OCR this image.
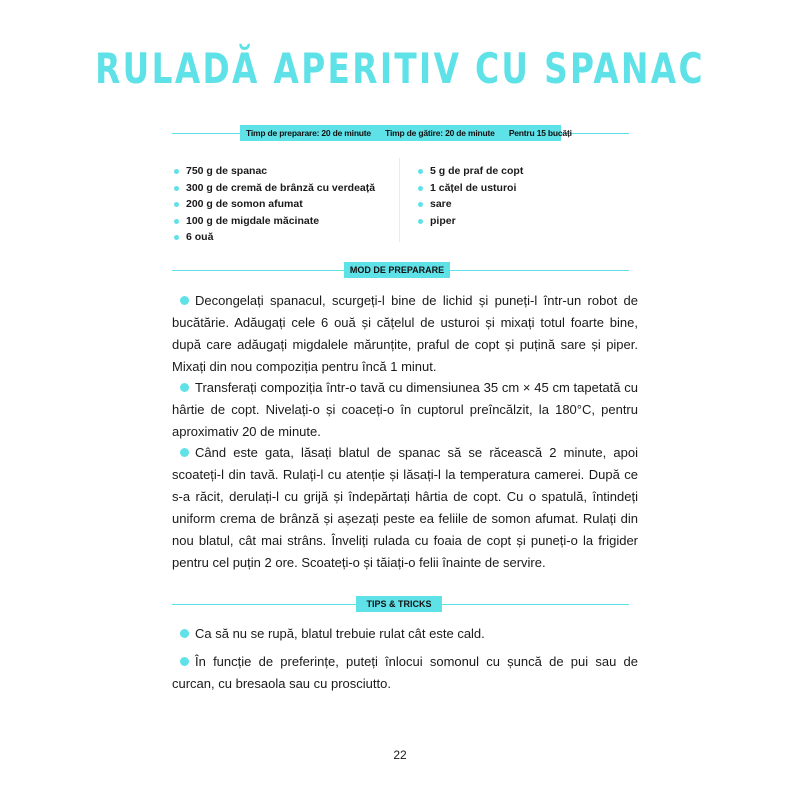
RULADĂ APERITIV CU SPANAC
Timp de preparare: 20 de minute Timp de gătire: 20 de minute Pentru 15 bucăți
750 g de spanac
300 g de cremă de brânză cu verdeață
200 g de somon afumat
100 g de migdale măcinate
6 ouă
5 g de praf de copt
1 cățel de usturoi
sare
piper
MOD DE PREPARARE
Decongelați spanacul, scurgeți-l bine de lichid și puneți-l într-un robot de bucătărie. Adăugați cele 6 ouă și cățelul de usturoi și mixați totul foarte bine, după care adăugați migdalele mărunțite, praful de copt și puțină sare și piper. Mixați din nou compoziția pentru încă 1 minut.
Transferați compoziția într-o tavă cu dimensiunea 35 cm × 45 cm tapetată cu hârtie de copt. Nivelați-o și coaceți-o în cuptorul preîncălzit, la 180°C, pentru aproximativ 20 de minute.
Când este gata, lăsați blatul de spanac să se răcească 2 minute, apoi scoateți-l din tavă. Rulați-l cu atenție și lăsați-l la temperatura camerei. După ce s-a răcit, derulați-l cu grijă și îndepărtați hârtia de copt. Cu o spatulă, întindeți uniform crema de brânză și așezați peste ea feliile de somon afumat. Rulați din nou blatul, cât mai strâns. Înveliți rulada cu foaia de copt și puneți-o la frigider pentru cel puțin 2 ore. Scoateți-o și tăiați-o felii înainte de servire.
TIPS & TRICKS
Ca să nu se rupă, blatul trebuie rulat cât este cald.
În funcție de preferințe, puteți înlocui somonul cu șuncă de pui sau de curcan, cu bresaola sau cu prosciutto.
22
